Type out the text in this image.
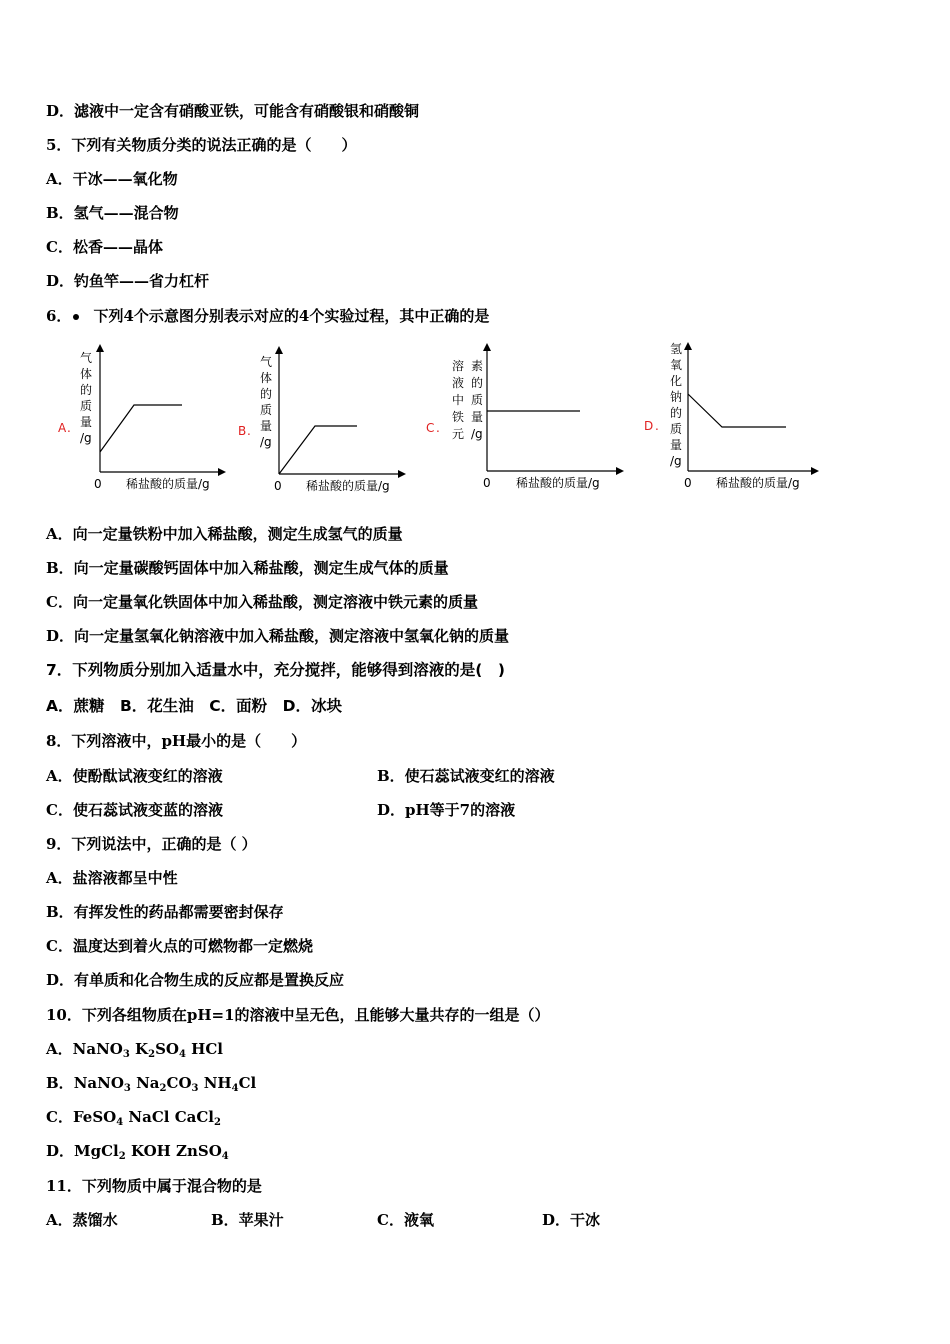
D．滤液中一定含有硝酸亚铁，可能含有硝酸银和硝酸铜
5．下列有关物质分类的说法正确的是（　　）
A．干冰——氧化物
B．氢气——混合物
C．松香——晶体
D．钓鱼竿——省力杠杆
6． 下列4个示意图分别表示对应的4个实验过程，其中正确的是
A .
气
体
的
质
量
/g
0 稀盐酸的质量/g
B .
气
体
的
质
量
/g
0 稀盐酸的质量/g
C .
溶
液
中
铁
元
素
的
质
量
/g
0 稀盐酸的质量/g
D .
氢
氧
化
钠
的
质
量
/g
0 稀盐酸的质量/g
A．向一定量铁粉中加入稀盐酸，测定生成氢气的质量
B．向一定量碳酸钙固体中加入稀盐酸，测定生成气体的质量
C．向一定量氧化铁固体中加入稀盐酸，测定溶液中铁元素的质量
D．向一定量氢氧化钠溶液中加入稀盐酸，测定溶液中氢氧化钠的质量
7．下列物质分别加入适量水中，充分搅拌，能够得到溶液的是(　)
A．蔗糖　B．花生油　C．面粉　D．冰块
8．下列溶液中，pH最小的是（　　）
A．使酚酞试液变红的溶液	B．使石蕊试液变红的溶液
C．使石蕊试液变蓝的溶液	D．pH等于7的溶液
9．下列说法中，正确的是（ ）
A．盐溶液都呈中性
B．有挥发性的药品都需要密封保存
C．温度达到着火点的可燃物都一定燃烧
D．有单质和化合物生成的反应都是置换反应
10．下列各组物质在pH=1的溶液中呈无色，且能够大量共存的一组是（）
A．NaNO$_3$ $K_2SO_4$ HCl
B．NaNO$_3$ $Na_2CO_3$ $NH_4Cl$
C．FeSO$_4$ NaCl CaCl$_2$
D．MgCl$_2$ KOH ZnSO$_4$
11．下列物质中属于混合物的是
A．蒸馏水	B．苹果汁	C．液氧	D．干冰
